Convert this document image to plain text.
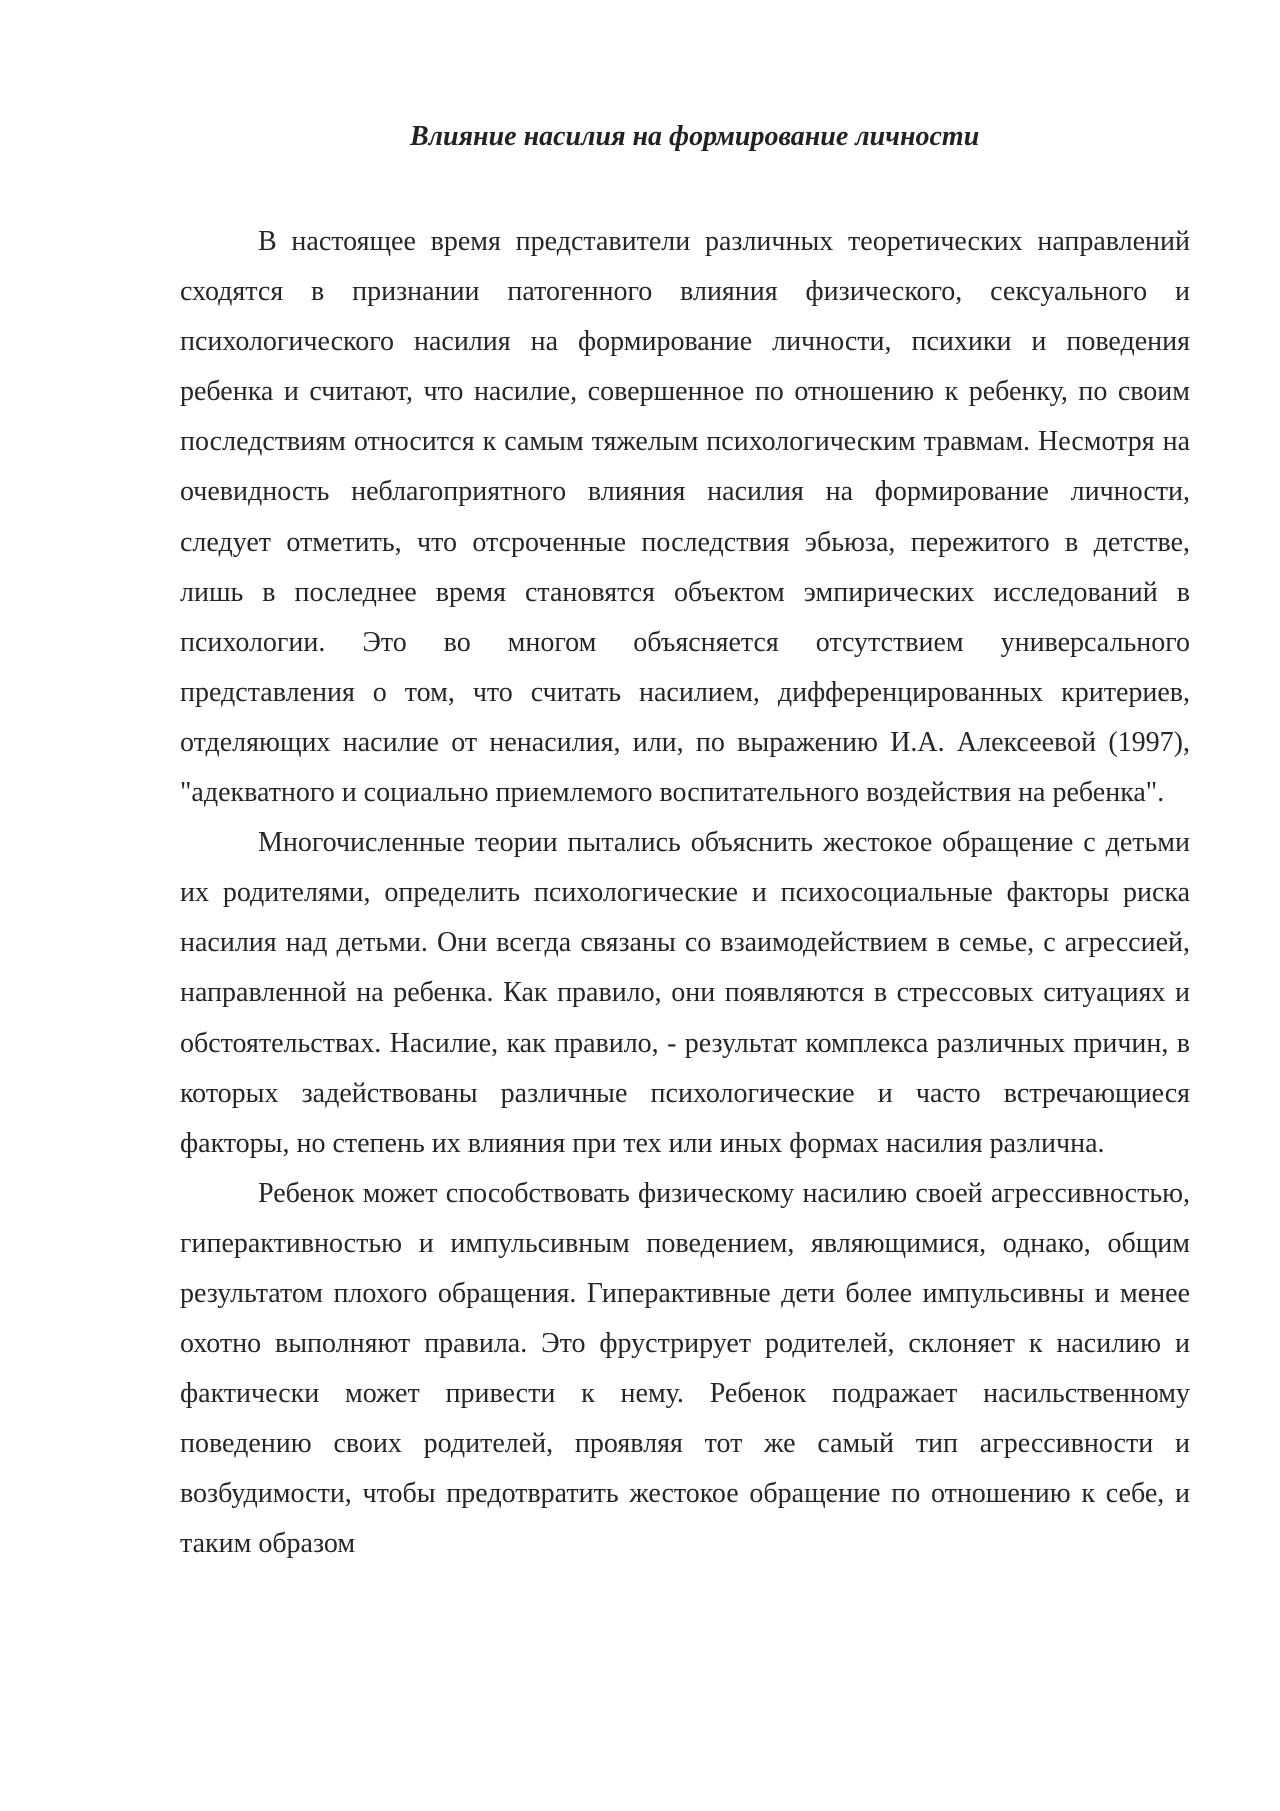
Влияние насилия на формирование личности

В настоящее время представители различных теоретических направлений сходятся в признании патогенного влияния физического, сексуального и психологического насилия на формирование личности, психики и поведения ребенка и считают, что насилие, совершенное по отношению к ребенку, по своим последствиям относится к самым тяжелым психологическим травмам. Несмотря на очевидность неблагоприятного влияния насилия на формирование личности, следует отметить, что отсроченные последствия эбьюза, пережитого в детстве, лишь в последнее время становятся объектом эмпирических исследований в психологии. Это во многом объясняется отсутствием универсального представления о том, что считать насилием, дифференцированных критериев, отделяющих насилие от ненасилия, или, по выражению И.А. Алексеевой (1997), "адекватного и социально приемлемого воспитательного воздействия на ребенка".

Многочисленные теории пытались объяснить жестокое обращение с детьми их родителями, определить психологические и психосоциальные факторы риска насилия над детьми. Они всегда связаны со взаимодействием в семье, с агрессией, направленной на ребенка. Как правило, они появляются в стрессовых ситуациях и обстоятельствах. Насилие, как правило, - результат комплекса различных причин, в которых задействованы различные психологические и часто встречающиеся факторы, но степень их влияния при тех или иных формах насилия различна.

Ребенок может способствовать физическому насилию своей агрессивностью, гиперактивностью и импульсивным поведением, являющимися, однако, общим результатом плохого обращения. Гиперактивные дети более импульсивны и менее охотно выполняют правила. Это фрустрирует родителей, склоняет к насилию и фактически может привести к нему. Ребенок подражает насильственному поведению своих родителей, проявляя тот же самый тип агрессивности и возбудимости, чтобы предотвратить жестокое обращение по отношению к себе, и таким образом
